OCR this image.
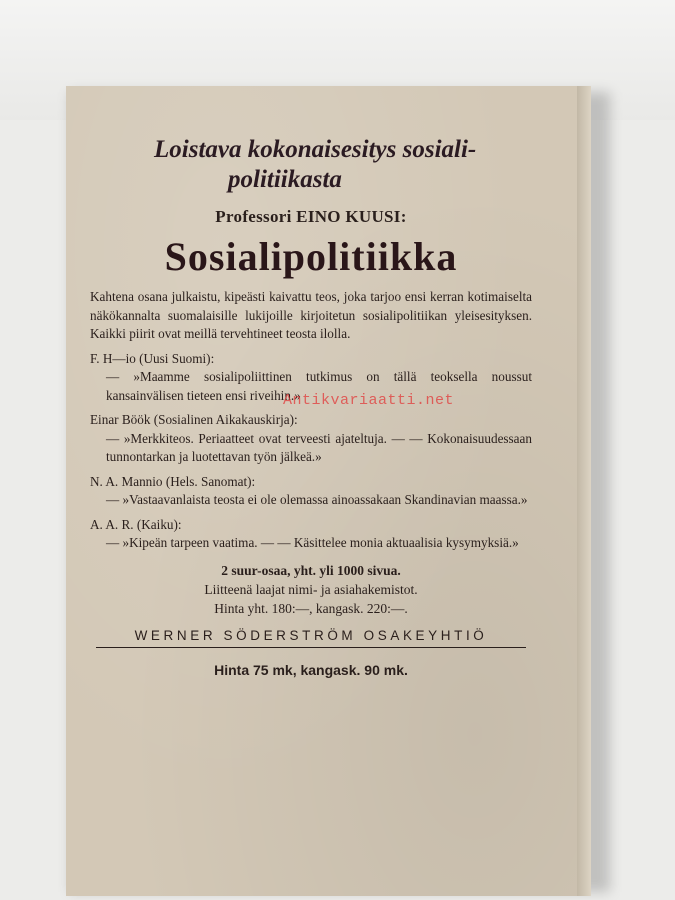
Loistava kokonaisesitys sosiali-

politiikasta

Professori EINO KUUSI:

Sosialipolitiikka

Kahtena osana julkaistu, kipeästi kaivattu teos, joka tarjoo ensi kerran kotimaiselta näkökannalta suomalaisille lukijoille kirjoitetun sosialipolitiikan yleisesityksen. Kaikki piirit ovat meillä tervehtineet teosta ilolla.

F. H—io (Uusi Suomi):

— »Maamme sosialipoliittinen tutkimus on tällä teoksella noussut kansainvälisen tieteen ensi riveihin.»

Einar Böök (Sosialinen Aikakauskirja):

— »Merkkiteos. Periaatteet ovat terveesti ajateltuja. — — Kokonaisuudessaan tunnontarkan ja luotettavan työn jälkeä.»

N. A. Mannio (Hels. Sanomat):

— »Vastaavanlaista teosta ei ole olemassa ainoassakaan Skandinavian maassa.»

A. A. R. (Kaiku):

— »Kipeän tarpeen vaatima. — — Käsittelee monia aktuaalisia kysymyksiä.»

2 suur-osaa, yht. yli 1000 sivua.

Liitteenä laajat nimi- ja asiahakemistot.

Hinta yht. 180:—, kangask. 220:—.

WERNER SÖDERSTRÖM OSAKEYHTIÖ
Hinta 75 mk, kangask. 90 mk.
Antikvariaatti.net
